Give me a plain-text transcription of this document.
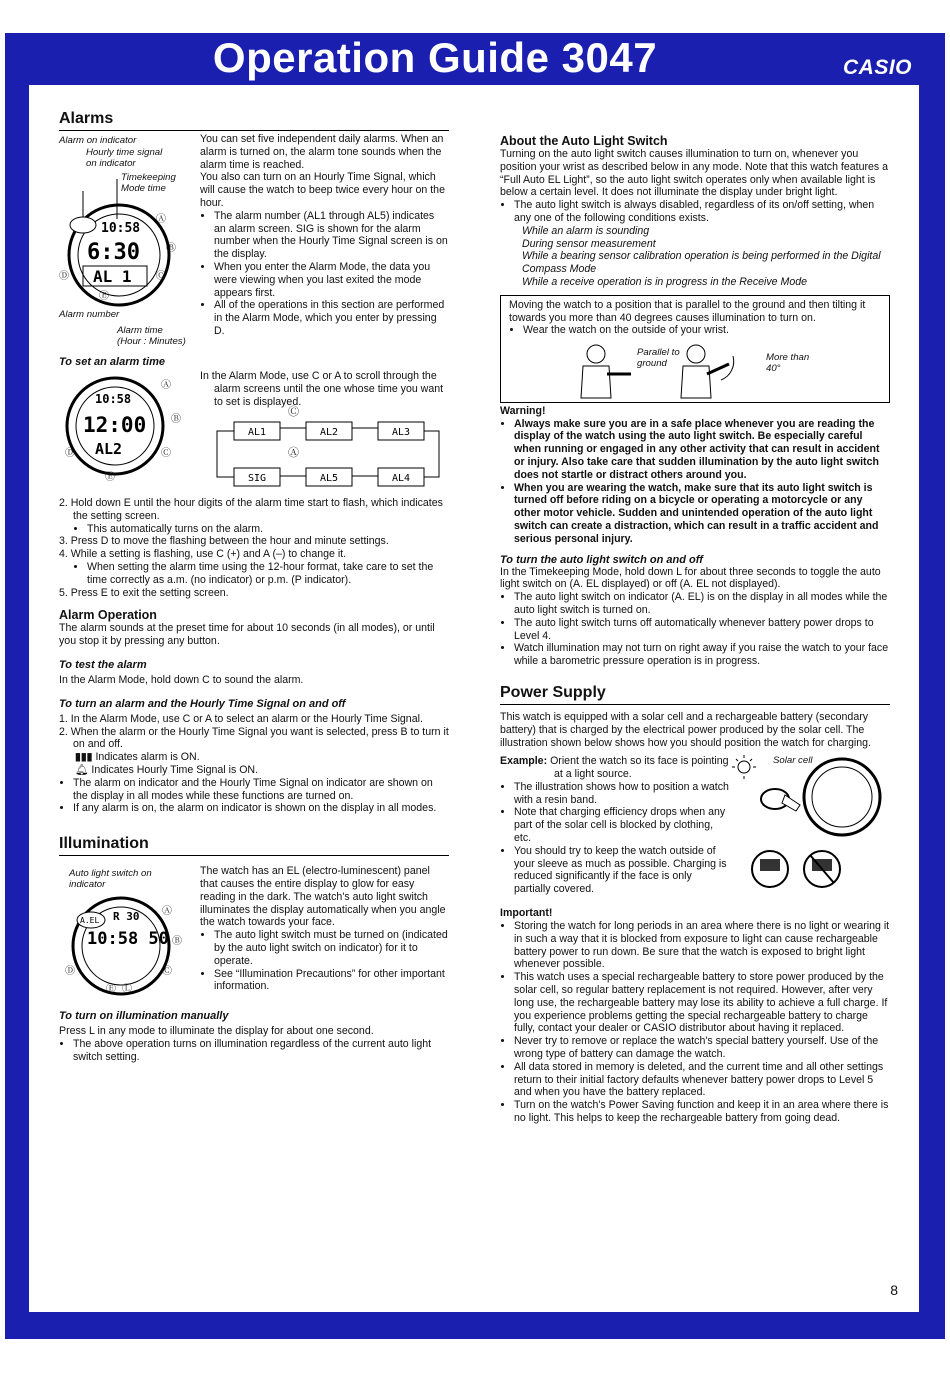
Operation Guide 3047	CASIO
Alarms
Alarm on indicator
Hourly time signal
on indicator
Timekeeping
Mode time
10:58
6:30
AL 1
Ⓐ
Ⓑ
Ⓒ
Ⓓ
Ⓔ
Alarm number
Alarm time
(Hour : Minutes)

You can set five independent daily alarms. When an alarm is turned on, the alarm tone sounds when the alarm time is reached.

You also can turn on an Hourly Time Signal, which will cause the watch to beep twice every hour on the hour.

• The alarm number (AL1 through AL5) indicates an alarm screen. SIG is shown for the alarm number when the Hourly Time Signal screen is on the display.
• When you enter the Alarm Mode, the data you were viewing when you last exited the mode appears first.
• All of the operations in this section are performed in the Alarm Mode, which you enter by pressing D.
To set an alarm time
10:58
12:00
AL2
Ⓐ
Ⓑ
Ⓒ
Ⓓ
Ⓔ

In the Alarm Mode, use C or A to scroll through the alarm screens until the one whose time you want to set is displayed.

AL1	AL2	AL3
SIG	AL5	AL4
Ⓒ
Ⓐ

2. Hold down E until the hour digits of the alarm time start to flash, which indicates the setting screen.

• This automatically turns on the alarm.

3. Press D to move the flashing between the hour and minute settings.

4. While a setting is flashing, use C (+) and A (–) to change it.

• When setting the alarm time using the 12-hour format, take care to set the time correctly as a.m. (no indicator) or p.m. (P indicator).

5. Press E to exit the setting screen.

Alarm Operation

The alarm sounds at the preset time for about 10 seconds (in all modes), or until you stop it by pressing any button.

To test the alarm

In the Alarm Mode, hold down C to sound the alarm.

To turn an alarm and the Hourly Time Signal on and off

1. In the Alarm Mode, use C or A to select an alarm or the Hourly Time Signal.

2. When the alarm or the Hourly Time Signal you want is selected, press B to turn it on and off.

▮▮▮ Indicates alarm is ON.

🔔︎ Indicates Hourly Time Signal is ON.

• The alarm on indicator and the Hourly Time Signal on indicator are shown on the display in all modes while these functions are turned on.
• If any alarm is on, the alarm on indicator is shown on the display in all modes.
Illumination
Auto light switch on
indicator
A.EL R 30
10:58 50
Ⓐ
Ⓑ
Ⓒ
Ⓓ
Ⓔ Ⓛ

The watch has an EL (electro-luminescent) panel that causes the entire display to glow for easy reading in the dark. The watch's auto light switch illuminates the display automatically when you angle the watch towards your face.

• The auto light switch must be turned on (indicated by the auto light switch on indicator) for it to operate.
• See “Illumination Precautions” for other important information.
To turn on illumination manually

Press L in any mode to illuminate the display for about one second.

• The above operation turns on illumination regardless of the current auto light switch setting.
About the Auto Light Switch

Turning on the auto light switch causes illumination to turn on, whenever you position your wrist as described below in any mode. Note that this watch features a “Full Auto EL Light”, so the auto light switch operates only when available light is below a certain level. It does not illuminate the display under bright light.

• The auto light switch is always disabled, regardless of its on/off setting, when any one of the following conditions exists.

While an alarm is sounding

During sensor measurement

While a bearing sensor calibration operation is being performed in the Digital Compass Mode

While a receive operation is in progress in the Receive Mode

Moving the watch to a position that is parallel to the ground and then tilting it towards you more than 40 degrees causes illumination to turn on.

• Wear the watch on the outside of your wrist.
Parallel to
ground
More than
40°

Warning!

• Always make sure you are in a safe place whenever you are reading the display of the watch using the auto light switch. Be especially careful when running or engaged in any other activity that can result in accident or injury. Also take care that sudden illumination by the auto light switch does not startle or distract others around you.
• When you are wearing the watch, make sure that its auto light switch is turned off before riding on a bicycle or operating a motorcycle or any other motor vehicle. Sudden and unintended operation of the auto light switch can create a distraction, which can result in a traffic accident and serious personal injury.
To turn the auto light switch on and off

In the Timekeeping Mode, hold down L for about three seconds to toggle the auto light switch on (A. EL displayed) or off (A. EL not displayed).

• The auto light switch on indicator (A. EL) is on the display in all modes while the auto light switch is turned on.
• The auto light switch turns off automatically whenever battery power drops to Level 4.
• Watch illumination may not turn on right away if you raise the watch to your face while a barometric pressure operation is in progress.
Power Supply

This watch is equipped with a solar cell and a rechargeable battery (secondary battery) that is charged by the electrical power produced by the solar cell. The illustration shown below shows how you should position the watch for charging.

Example: Orient the watch so its face is pointing at a light source.

• The illustration shows how to position a watch with a resin band.
• Note that charging efficiency drops when any part of the solar cell is blocked by clothing, etc.
• You should try to keep the watch outside of your sleeve as much as possible. Charging is reduced significantly if the face is only partially covered.
Solar cell

Important!

• Storing the watch for long periods in an area where there is no light or wearing it in such a way that it is blocked from exposure to light can cause rechargeable battery power to run down. Be sure that the watch is exposed to bright light whenever possible.
• This watch uses a special rechargeable battery to store power produced by the solar cell, so regular battery replacement is not required. However, after very long use, the rechargeable battery may lose its ability to achieve a full charge. If you experience problems getting the special rechargeable battery to charge fully, contact your dealer or CASIO distributor about having it replaced.
• Never try to remove or replace the watch's special battery yourself. Use of the wrong type of battery can damage the watch.
• All data stored in memory is deleted, and the current time and all other settings return to their initial factory defaults whenever battery power drops to Level 5 and when you have the battery replaced.
• Turn on the watch's Power Saving function and keep it in an area where there is no light. This helps to keep the rechargeable battery from going dead.
8
